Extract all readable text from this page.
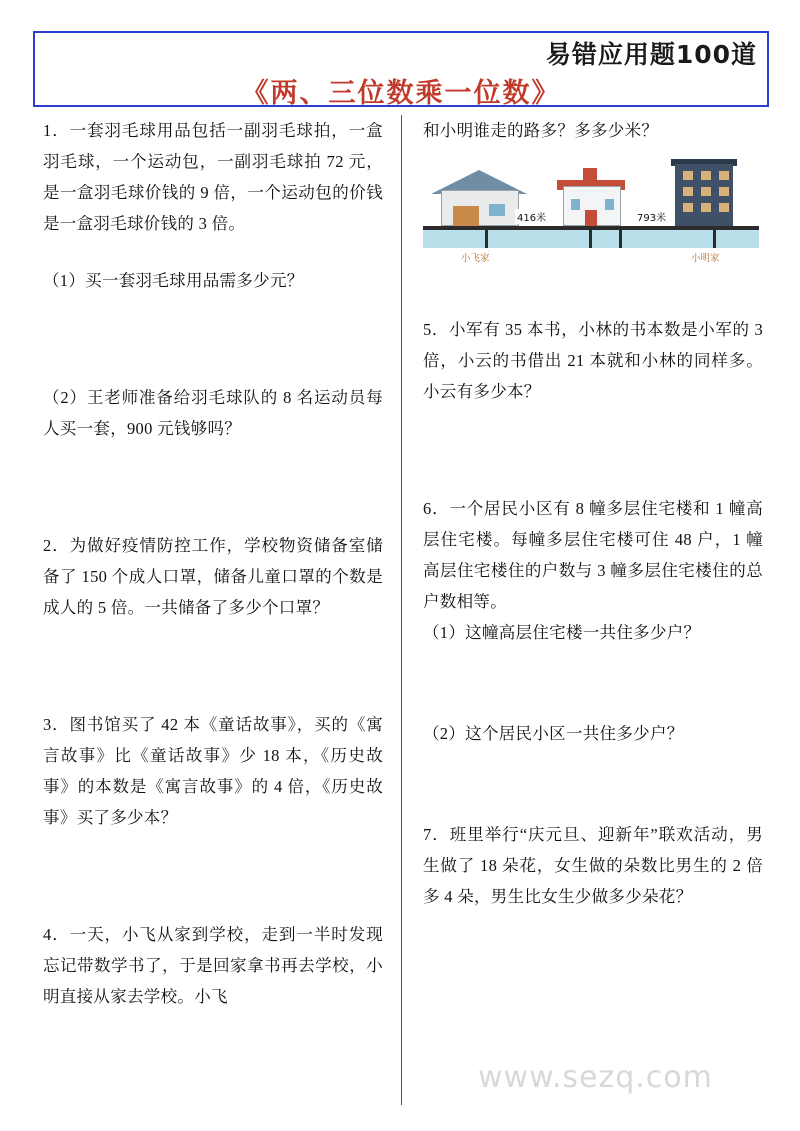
易错应用题100道
《两、三位数乘一位数》

1．一套羽毛球用品包括一副羽毛球拍，一盒羽毛球，一个运动包，一副羽毛球拍 72 元，是一盒羽毛球价钱的 9 倍，一个运动包的价钱是一盒羽毛球价钱的 3 倍。

（1）买一套羽毛球用品需多少元？

（2）王老师准备给羽毛球队的 8 名运动员每人买一套，900 元钱够吗？

2．为做好疫情防控工作，学校物资储备室储备了 150 个成人口罩，储备儿童口罩的个数是成人的 5 倍。一共储备了多少个口罩？

3．图书馆买了 42 本《童话故事》，买的《寓言故事》比《童话故事》少 18 本，《历史故事》的本数是《寓言故事》的 4 倍，《历史故事》买了多少本？

4．一天，小飞从家到学校，走到一半时发现忘记带数学书了，于是回家拿书再去学校，小明直接从家去学校。小飞

和小明谁走的路多？多多少米？

416米	793米
小飞家	小明家

5．小军有 35 本书，小林的书本数是小军的 3 倍，小云的书借出 21 本就和小林的同样多。小云有多少本？

6．一个居民小区有 8 幢多层住宅楼和 1 幢高层住宅楼。每幢多层住宅楼可住 48 户，1 幢高层住宅楼住的户数与 3 幢多层住宅楼住的总户数相等。

（1）这幢高层住宅楼一共住多少户？

（2）这个居民小区一共住多少户？

7．班里举行“庆元旦、迎新年”联欢活动，男生做了 18 朵花，女生做的朵数比男生的 2 倍多 4 朵，男生比女生少做多少朵花？

www.sezq.com
